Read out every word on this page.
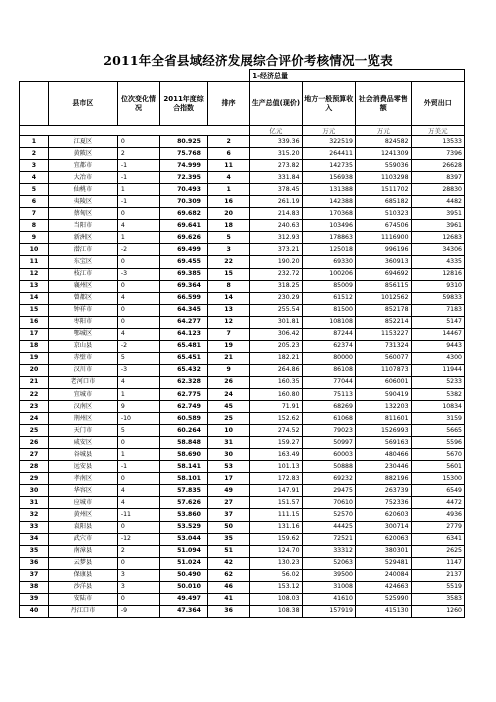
2011年全省县域经济发展综合评价考核情况一览表
					1-经济总量			
	县市区	位次变化情况	2011年度综合指数	排序	生产总值(现价)	地方一般预算收入	社会消费品零售额	外贸出口
					亿元	万元	万元	万美元
1	江夏区	0	80.925	2	339.36	322519	824582	13533
2	黄陂区	2	75.768	6	315.20	264411	1241309	7396
3	宜都市	-1	74.999	11	273.82	142735	559036	26628
4	大冶市	-1	72.395	4	331.84	156938	1103298	8397
5	仙桃市	1	70.493	1	378.45	131388	1511702	28830
6	夷陵区	-1	70.309	16	261.19	142388	685182	4482
7	蔡甸区	0	69.682	20	214.83	170368	510323	3951
8	当阳市	4	69.641	18	240.63	103496	674506	3961
9	新洲区	1	69.626	5	312.93	178863	1116900	12683
10	潜江市	-2	69.499	3	373.21	125018	996196	34306
11	东宝区	0	69.455	22	190.20	69330	360913	4335
12	枝江市	-3	69.385	15	232.72	100206	694692	12816
13	襄州区	0	69.364	8	318.25	85009	856115	9310
14	曾都区	4	66.599	14	230.29	61512	1012562	59833
15	钟祥市	0	64.345	13	255.54	81500	852178	7183
16	枣阳市	0	64.277	12	301.81	108108	852214	5147
17	鄂城区	4	64.123	7	306.42	87244	1153227	14467
18	京山县	-2	65.481	19	205.23	62374	731324	9443
19	赤壁市	5	65.451	21	182.21	80000	560077	4300
20	汉川市	-3	65.432	9	264.86	86108	1107873	11944
21	老河口市	4	62.328	26	160.35	77044	606001	5233
22	宜城市	1	62.775	24	160.80	75113	590419	5382
23	汉南区	9	62.749	45	71.91	68269	132203	10834
24	荆州区	-10	60.589	25	152.62	61068	811601	3159
25	天门市	5	60.264	10	274.52	79023	1526993	5665
26	咸安区	0	58.848	31	159.27	50997	569163	5596
27	谷城县	1	58.690	30	163.49	60003	480466	5670
28	远安县	-1	58.141	53	101.13	50888	230446	5601
29	孝南区	0	58.101	17	172.83	69232	882196	15300
30	华容区	4	57.835	49	147.91	29475	263739	6549
31	应城市	4	57.626	27	151.57	70610	752336	4472
32	黄州区	-11	53.860	37	111.15	52570	620603	4936
33	袁阳县	0	53.529	50	131.16	44425	300714	2779
34	武穴市	-12	53.044	35	159.62	72521	620063	6341
35	南漳县	2	51.094	51	124.70	33312	380301	2625
36	云梦县	0	51.024	42	130.23	52063	529481	1147
37	保康县	3	50.490	62	56.02	39500	240084	2137
38	沙洋县	3	50.010	46	153.12	31008	424663	5519
39	安陆市	0	49.497	41	108.03	41610	525990	3583
40	丹江口市	-9	47.364	36	108.38	157919	415130	1260
